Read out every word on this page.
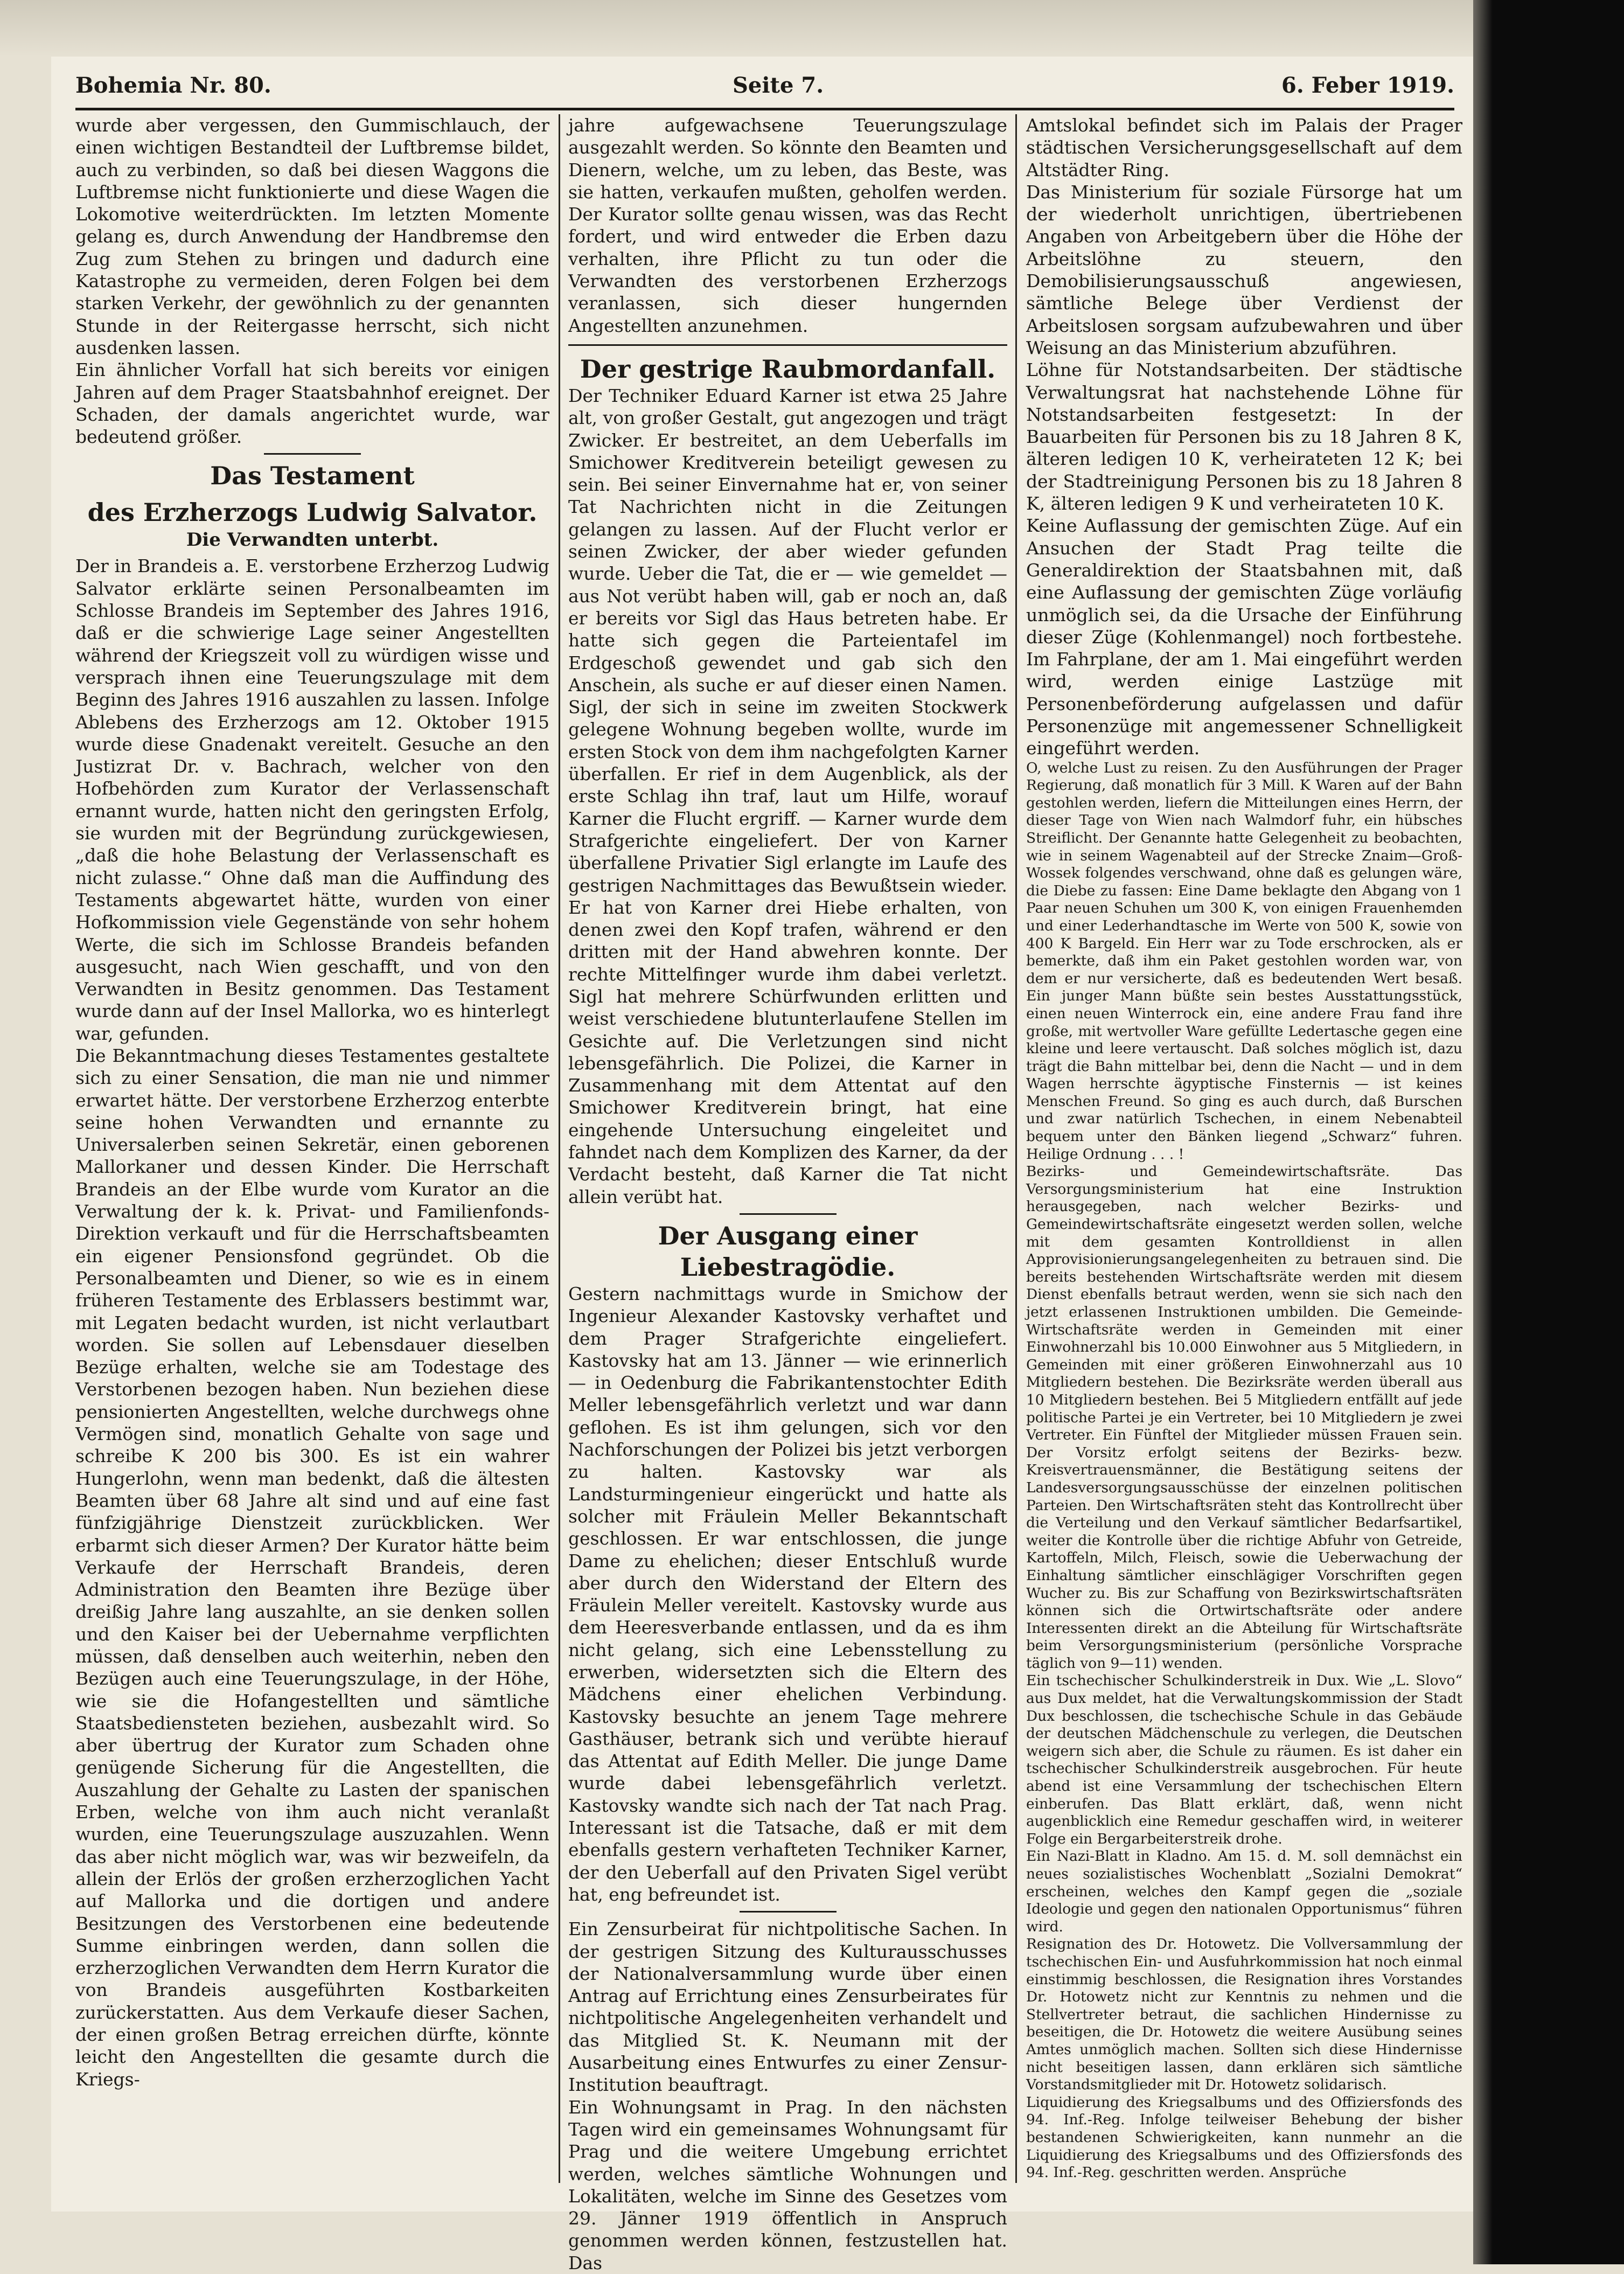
Bohemia Nr. 80.	Seite 7.	6. Feber 1919.

wurde aber vergessen, den Gummischlauch, der einen wichtigen Bestandteil der Luftbremse bildet, auch zu verbinden, so daß bei diesen Waggons die Luftbremse nicht funktionierte und diese Wagen die Lokomotive weiterdrückten. Im letzten Momente gelang es, durch Anwendung der Handbremse den Zug zum Stehen zu bringen und dadurch eine Katastrophe zu vermeiden, deren Folgen bei dem starken Verkehr, der gewöhnlich zu der genannten Stunde in der Reitergasse herrscht, sich nicht ausdenken lassen.

Ein ähnlicher Vorfall hat sich bereits vor einigen Jahren auf dem Prager Staatsbahnhof ereignet. Der Schaden, der damals angerichtet wurde, war bedeutend größer.

Das Testament
des Erzherzogs Ludwig Salvator.
Die Verwandten unterbt.

Der in Brandeis a. E. verstorbene Erzherzog Ludwig Salvator erklärte seinen Personalbeamten im Schlosse Brandeis im September des Jahres 1916, daß er die schwierige Lage seiner Angestellten während der Kriegszeit voll zu würdigen wisse und versprach ihnen eine Teuerungszulage mit dem Beginn des Jahres 1916 auszahlen zu lassen. Infolge Ablebens des Erzherzogs am 12. Oktober 1915 wurde diese Gnadenakt vereitelt. Gesuche an den Justizrat Dr. v. Bachrach, welcher von den Hofbehörden zum Kurator der Verlassenschaft ernannt wurde, hatten nicht den geringsten Erfolg, sie wurden mit der Begründung zurückgewiesen, „daß die hohe Belastung der Verlassenschaft es nicht zulasse.“ Ohne daß man die Auffindung des Testaments abgewartet hätte, wurden von einer Hofkommission viele Gegenstände von sehr hohem Werte, die sich im Schlosse Brandeis befanden ausgesucht, nach Wien geschafft, und von den Verwandten in Besitz genommen. Das Testament wurde dann auf der Insel Mallorka, wo es hinterlegt war, gefunden.

Die Bekanntmachung dieses Testamentes gestaltete sich zu einer Sensation, die man nie und nimmer erwartet hätte. Der verstorbene Erzherzog enterbte seine hohen Verwandten und ernannte zu Universalerben seinen Sekretär, einen geborenen Mallorkaner und dessen Kinder. Die Herrschaft Brandeis an der Elbe wurde vom Kurator an die Verwaltung der k. k. Privat- und Familienfonds-Direktion verkauft und für die Herrschaftsbeamten ein eigener Pensionsfond gegründet. Ob die Personalbeamten und Diener, so wie es in einem früheren Testamente des Erblassers bestimmt war, mit Legaten bedacht wurden, ist nicht verlautbart worden. Sie sollen auf Lebensdauer dieselben Bezüge erhalten, welche sie am Todestage des Verstorbenen bezogen haben. Nun beziehen diese pensionierten Angestellten, welche durchwegs ohne Vermögen sind, monatlich Gehalte von sage und schreibe K 200 bis 300. Es ist ein wahrer Hungerlohn, wenn man bedenkt, daß die ältesten Beamten über 68 Jahre alt sind und auf eine fast fünfzigjährige Dienstzeit zurückblicken. Wer erbarmt sich dieser Armen? Der Kurator hätte beim Verkaufe der Herrschaft Brandeis, deren Administration den Beamten ihre Bezüge über dreißig Jahre lang auszahlte, an sie denken sollen und den Kaiser bei der Uebernahme verpflichten müssen, daß denselben auch weiterhin, neben den Bezügen auch eine Teuerungszulage, in der Höhe, wie sie die Hofangestellten und sämtliche Staatsbediensteten beziehen, ausbezahlt wird. So aber übertrug der Kurator zum Schaden ohne genügende Sicherung für die Angestellten, die Auszahlung der Gehalte zu Lasten der spanischen Erben, welche von ihm auch nicht veranlaßt wurden, eine Teuerungszulage auszuzahlen. Wenn das aber nicht möglich war, was wir bezweifeln, da allein der Erlös der großen erzherzoglichen Yacht auf Mallorka und die dortigen und andere Besitzungen des Verstorbenen eine bedeutende Summe einbringen werden, dann sollen die erzherzoglichen Verwandten dem Herrn Kurator die von Brandeis ausgeführten Kostbarkeiten zurückerstatten. Aus dem Verkaufe dieser Sachen, der einen großen Betrag erreichen dürfte, könnte leicht den Angestellten die gesamte durch die Kriegs-

jahre aufgewachsene Teuerungszulage ausgezahlt werden. So könnte den Beamten und Dienern, welche, um zu leben, das Beste, was sie hatten, verkaufen mußten, geholfen werden. Der Kurator sollte genau wissen, was das Recht fordert, und wird entweder die Erben dazu verhalten, ihre Pflicht zu tun oder die Verwandten des verstorbenen Erzherzogs veranlassen, sich dieser hungernden Angestellten anzunehmen.

Der gestrige Raubmordanfall.

Der Techniker Eduard Karner ist etwa 25 Jahre alt, von großer Gestalt, gut angezogen und trägt Zwicker. Er bestreitet, an dem Ueberfalls im Smichower Kreditverein beteiligt gewesen zu sein. Bei seiner Einvernahme hat er, von seiner Tat Nachrichten nicht in die Zeitungen gelangen zu lassen. Auf der Flucht verlor er seinen Zwicker, der aber wieder gefunden wurde. Ueber die Tat, die er — wie gemeldet — aus Not verübt haben will, gab er noch an, daß er bereits vor Sigl das Haus betreten habe. Er hatte sich gegen die Parteientafel im Erdgeschoß gewendet und gab sich den Anschein, als suche er auf dieser einen Namen. Sigl, der sich in seine im zweiten Stockwerk gelegene Wohnung begeben wollte, wurde im ersten Stock von dem ihm nachgefolgten Karner überfallen. Er rief in dem Augenblick, als der erste Schlag ihn traf, laut um Hilfe, worauf Karner die Flucht ergriff. — Karner wurde dem Strafgerichte eingeliefert. Der von Karner überfallene Privatier Sigl erlangte im Laufe des gestrigen Nachmittages das Bewußtsein wieder. Er hat von Karner drei Hiebe erhalten, von denen zwei den Kopf trafen, während er den dritten mit der Hand abwehren konnte. Der rechte Mittelfinger wurde ihm dabei verletzt. Sigl hat mehrere Schürfwunden erlitten und weist verschiedene blutunterlaufene Stellen im Gesichte auf. Die Verletzungen sind nicht lebensgefährlich. Die Polizei, die Karner in Zusammenhang mit dem Attentat auf den Smichower Kreditverein bringt, hat eine eingehende Untersuchung eingeleitet und fahndet nach dem Komplizen des Karner, da der Verdacht besteht, daß Karner die Tat nicht allein verübt hat.

Der Ausgang einer Liebestragödie.

Gestern nachmittags wurde in Smichow der Ingenieur Alexander Kastovsky verhaftet und dem Prager Strafgerichte eingeliefert. Kastovsky hat am 13. Jänner — wie erinnerlich — in Oedenburg die Fabrikantenstochter Edith Meller lebensgefährlich verletzt und war dann geflohen. Es ist ihm gelungen, sich vor den Nachforschungen der Polizei bis jetzt verborgen zu halten. Kastovsky war als Landsturmingenieur eingerückt und hatte als solcher mit Fräulein Meller Bekanntschaft geschlossen. Er war entschlossen, die junge Dame zu ehelichen; dieser Entschluß wurde aber durch den Widerstand der Eltern des Fräulein Meller vereitelt. Kastovsky wurde aus dem Heeresverbande entlassen, und da es ihm nicht gelang, sich eine Lebensstellung zu erwerben, widersetzten sich die Eltern des Mädchens einer ehelichen Verbindung. Kastovsky besuchte an jenem Tage mehrere Gasthäuser, betrank sich und verübte hierauf das Attentat auf Edith Meller. Die junge Dame wurde dabei lebensgefährlich verletzt. Kastovsky wandte sich nach der Tat nach Prag. Interessant ist die Tatsache, daß er mit dem ebenfalls gestern verhafteten Techniker Karner, der den Ueberfall auf den Privaten Sigel verübt hat, eng befreundet ist.

Ein Zensurbeirat für nichtpolitische Sachen. In der gestrigen Sitzung des Kulturausschusses der Nationalversammlung wurde über einen Antrag auf Errichtung eines Zensurbeirates für nichtpolitische Angelegenheiten verhandelt und das Mitglied St. K. Neumann mit der Ausarbeitung eines Entwurfes zu einer Zensur-Institution beauftragt.

Ein Wohnungsamt in Prag. In den nächsten Tagen wird ein gemeinsames Wohnungsamt für Prag und die weitere Umgebung errichtet werden, welches sämtliche Wohnungen und Lokalitäten, welche im Sinne des Gesetzes vom 29. Jänner 1919 öffentlich in Anspruch genommen werden können, festzustellen hat. Das

Amtslokal befindet sich im Palais der Prager städtischen Versicherungsgesellschaft auf dem Altstädter Ring.

Das Ministerium für soziale Fürsorge hat um der wiederholt unrichtigen, übertriebenen Angaben von Arbeitgebern über die Höhe der Arbeitslöhne zu steuern, den Demobilisierungsausschuß angewiesen, sämtliche Belege über Verdienst der Arbeitslosen sorgsam aufzubewahren und über Weisung an das Ministerium abzuführen.

Löhne für Notstandsarbeiten. Der städtische Verwaltungsrat hat nachstehende Löhne für Notstandsarbeiten festgesetzt: In der Bauarbeiten für Personen bis zu 18 Jahren 8 K, älteren ledigen 10 K, verheirateten 12 K; bei der Stadtreinigung Personen bis zu 18 Jahren 8 K, älteren ledigen 9 K und verheirateten 10 K.

Keine Auflassung der gemischten Züge. Auf ein Ansuchen der Stadt Prag teilte die Generaldirektion der Staatsbahnen mit, daß eine Auflassung der gemischten Züge vorläufig unmöglich sei, da die Ursache der Einführung dieser Züge (Kohlenmangel) noch fortbestehe. Im Fahrplane, der am 1. Mai eingeführt werden wird, werden einige Lastzüge mit Personenbeförderung aufgelassen und dafür Personenzüge mit angemessener Schnelligkeit eingeführt werden.

O, welche Lust zu reisen. Zu den Ausführungen der Prager Regierung, daß monatlich für 3 Mill. K Waren auf der Bahn gestohlen werden, liefern die Mitteilungen eines Herrn, der dieser Tage von Wien nach Walmdorf fuhr, ein hübsches Streiflicht. Der Genannte hatte Gelegenheit zu beobachten, wie in seinem Wagenabteil auf der Strecke Znaim—Groß-Wossek folgendes verschwand, ohne daß es gelungen wäre, die Diebe zu fassen: Eine Dame beklagte den Abgang von 1 Paar neuen Schuhen um 300 K, von einigen Frauenhemden und einer Lederhandtasche im Werte von 500 K, sowie von 400 K Bargeld. Ein Herr war zu Tode erschrocken, als er bemerkte, daß ihm ein Paket gestohlen worden war, von dem er nur versicherte, daß es bedeutenden Wert besaß. Ein junger Mann büßte sein bestes Ausstattungsstück, einen neuen Winterrock ein, eine andere Frau fand ihre große, mit wertvoller Ware gefüllte Ledertasche gegen eine kleine und leere vertauscht. Daß solches möglich ist, dazu trägt die Bahn mittelbar bei, denn die Nacht — und in dem Wagen herrschte ägyptische Finsternis — ist keines Menschen Freund. So ging es auch durch, daß Burschen und zwar natürlich Tschechen, in einem Nebenabteil bequem unter den Bänken liegend „Schwarz“ fuhren. Heilige Ordnung . . . !

Bezirks- und Gemeindewirtschaftsräte. Das Versorgungsministerium hat eine Instruktion herausgegeben, nach welcher Bezirks- und Gemeindewirtschaftsräte eingesetzt werden sollen, welche mit dem gesamten Kontrolldienst in allen Approvisionierungsangelegenheiten zu betrauen sind. Die bereits bestehenden Wirtschaftsräte werden mit diesem Dienst ebenfalls betraut werden, wenn sie sich nach den jetzt erlassenen Instruktionen umbilden. Die Gemeinde-Wirtschaftsräte werden in Gemeinden mit einer Einwohnerzahl bis 10.000 Einwohner aus 5 Mitgliedern, in Gemeinden mit einer größeren Einwohnerzahl aus 10 Mitgliedern bestehen. Die Bezirksräte werden überall aus 10 Mitgliedern bestehen. Bei 5 Mitgliedern entfällt auf jede politische Partei je ein Vertreter, bei 10 Mitgliedern je zwei Vertreter. Ein Fünftel der Mitglieder müssen Frauen sein. Der Vorsitz erfolgt seitens der Bezirks- bezw. Kreisvertrauensmänner, die Bestätigung seitens der Landesversorgungsausschüsse der einzelnen politischen Parteien. Den Wirtschaftsräten steht das Kontrollrecht über die Verteilung und den Verkauf sämtlicher Bedarfsartikel, weiter die Kontrolle über die richtige Abfuhr von Getreide, Kartoffeln, Milch, Fleisch, sowie die Ueberwachung der Einhaltung sämtlicher einschlägiger Vorschriften gegen Wucher zu. Bis zur Schaffung von Bezirkswirtschaftsräten können sich die Ortwirtschaftsräte oder andere Interessenten direkt an die Abteilung für Wirtschaftsräte beim Versorgungsministerium (persönliche Vorsprache täglich von 9—11) wenden.

Ein tschechischer Schulkinderstreik in Dux. Wie „L. Slovo“ aus Dux meldet, hat die Verwaltungskommission der Stadt Dux beschlossen, die tschechische Schule in das Gebäude der deutschen Mädchenschule zu verlegen, die Deutschen weigern sich aber, die Schule zu räumen. Es ist daher ein tschechischer Schulkinderstreik ausgebrochen. Für heute abend ist eine Versammlung der tschechischen Eltern einberufen. Das Blatt erklärt, daß, wenn nicht augenblicklich eine Remedur geschaffen wird, in weiterer Folge ein Bergarbeiterstreik drohe.

Ein Nazi-Blatt in Kladno. Am 15. d. M. soll demnächst ein neues sozialistisches Wochenblatt „Sozialni Demokrat“ erscheinen, welches den Kampf gegen die „soziale Ideologie und gegen den nationalen Opportunismus“ führen wird.

Resignation des Dr. Hotowetz. Die Vollversammlung der tschechischen Ein- und Ausfuhrkommission hat noch einmal einstimmig beschlossen, die Resignation ihres Vorstandes Dr. Hotowetz nicht zur Kenntnis zu nehmen und die Stellvertreter betraut, die sachlichen Hindernisse zu beseitigen, die Dr. Hotowetz die weitere Ausübung seines Amtes unmöglich machen. Sollten sich diese Hindernisse nicht beseitigen lassen, dann erklären sich sämtliche Vorstandsmitglieder mit Dr. Hotowetz solidarisch.

Liquidierung des Kriegsalbums und des Offiziersfonds des 94. Inf.-Reg. Infolge teilweiser Behebung der bisher bestandenen Schwierigkeiten, kann nunmehr an die Liquidierung des Kriegsalbums und des Offiziersfonds des 94. Inf.-Reg. geschritten werden. Ansprüche
